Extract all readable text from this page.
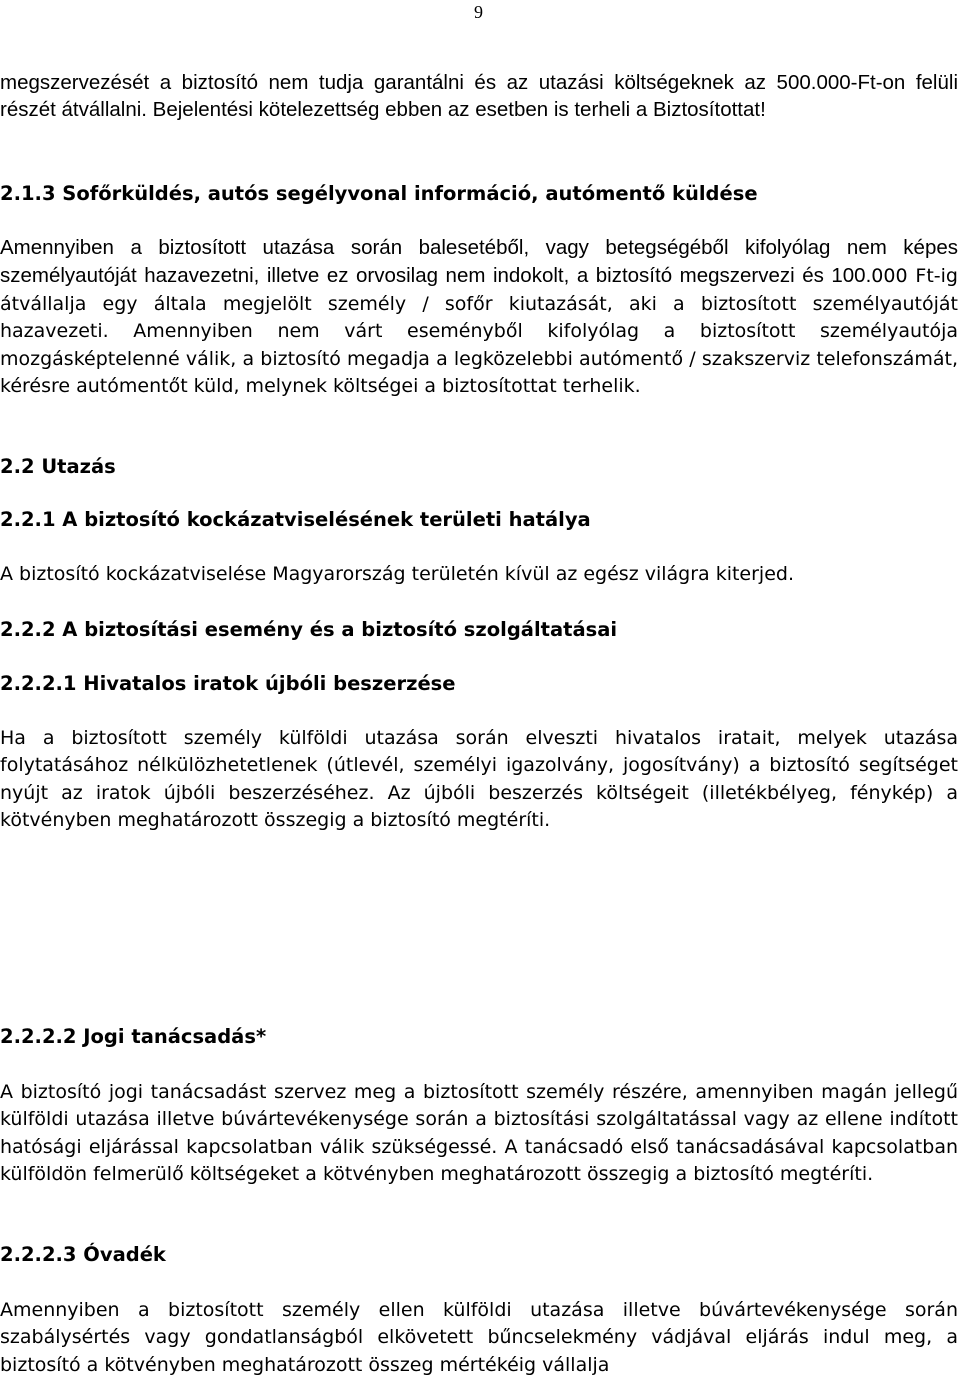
9

megszervezését a biztosító nem tudja garantálni és az utazási költségeknek az 500.000-Ft-on felüli részét átvállalni. Bejelentési kötelezettség ebben az esetben is terheli a Biztosítottat!

2.1.3 Sofőrküldés, autós segélyvonal információ, autómentő küldése

Amennyiben a biztosított utazása során balesetéből, vagy betegségéből kifolyólag nem képes személyautóját hazavezetni, illetve ez orvosilag nem indokolt, a biztosító megszervezi és 100.000 Ft-ig átvállalja egy általa megjelölt személy / sofőr kiutazását, aki a biztosított személyautóját hazavezeti. Amennyiben nem várt eseményből kifolyólag a biztosított személyautója mozgásképtelenné válik, a biztosító megadja a legközelebbi autómentő / szakszerviz telefonszámát, kérésre autómentőt küld, melynek költségei a biztosítottat terhelik.

2.2 Utazás
2.2.1 A biztosító kockázatviselésének területi hatálya

A biztosító kockázatviselése Magyarország területén kívül az egész világra kiterjed.

2.2.2 A biztosítási esemény és a biztosító szolgáltatásai
2.2.2.1 Hivatalos iratok újbóli beszerzése

Ha a biztosított személy külföldi utazása során elveszti hivatalos iratait, melyek utazása folytatásához nélkülözhetetlenek (útlevél, személyi igazolvány, jogosítvány) a biztosító segítséget nyújt az iratok újbóli beszerzéséhez. Az újbóli beszerzés költségeit (illetékbélyeg, fénykép) a kötvényben meghatározott összegig a biztosító megtéríti.

2.2.2.2 Jogi tanácsadás*

A biztosító jogi tanácsadást szervez meg a biztosított személy részére, amennyiben magán jellegű külföldi utazása illetve búvártevékenysége során a biztosítási szolgáltatással vagy az ellene indított hatósági eljárással kapcsolatban válik szükségessé. A tanácsadó első tanácsadásával kapcsolatban külföldön felmerülő költségeket a kötvényben meghatározott összegig a biztosító megtéríti.

2.2.2.3 Óvadék

Amennyiben a biztosított személy ellen külföldi utazása illetve búvártevékenysége során szabálysértés vagy gondatlanságból elkövetett bűncselekmény vádjával eljárás indul meg, a biztosító a kötvényben meghatározott összeg mértékéig vállalja
